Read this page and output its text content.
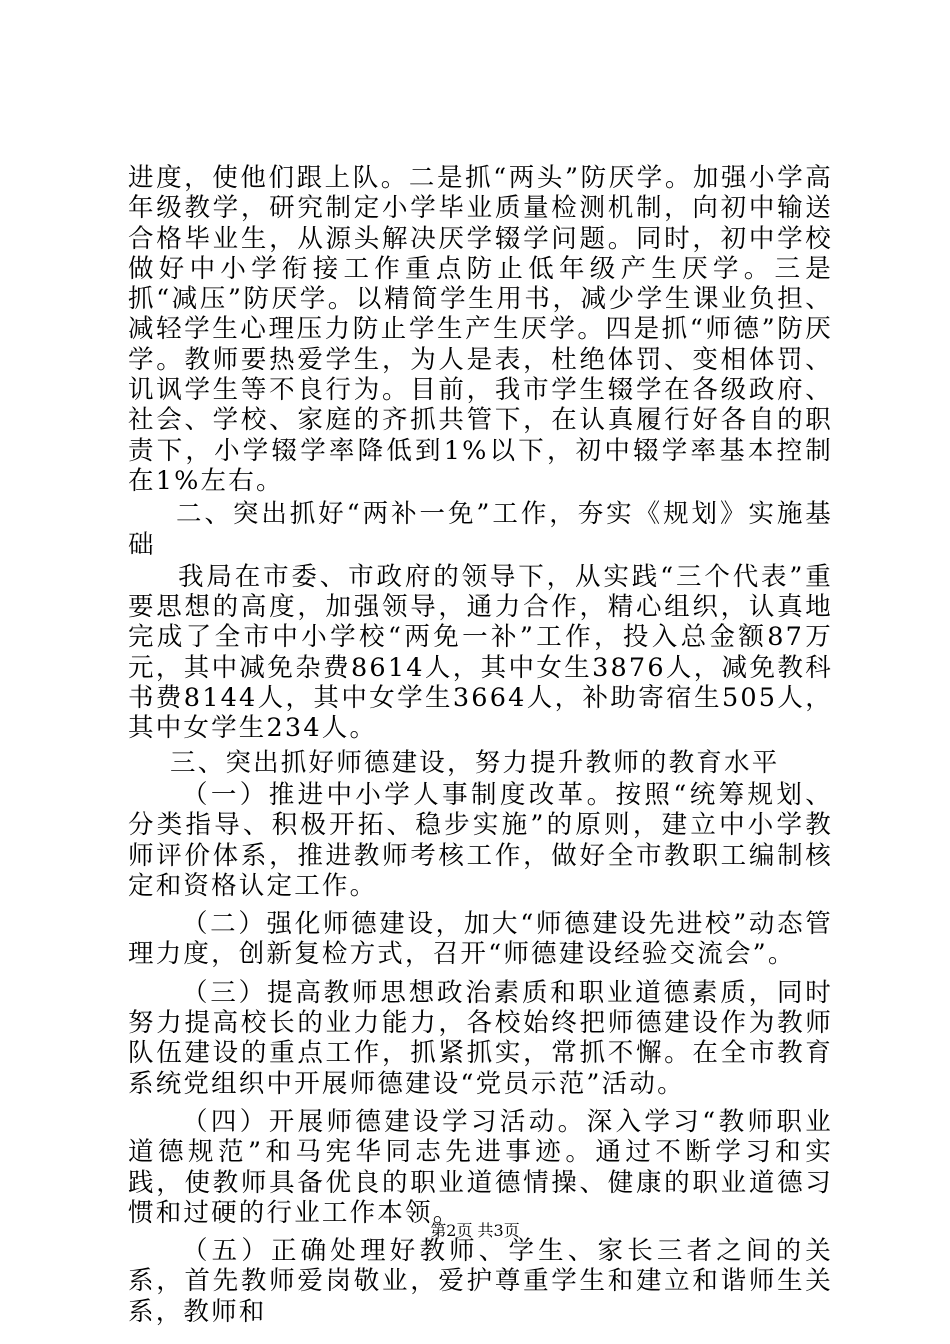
进度，使他们跟上队。二是抓“两头”防厌学。加强小学高年级教学，研究制定小学毕业质量检测机制，向初中输送合格毕业生，从源头解决厌学辍学问题。同时，初中学校做好中小学衔接工作重点防止低年级产生厌学。三是抓“减压”防厌学。以精简学生用书，减少学生课业负担、减轻学生心理压力防止学生产生厌学。四是抓“师德”防厌学。教师要热爱学生，为人是表，杜绝体罚、变相体罚、讥讽学生等不良行为。目前，我市学生辍学在各级政府、社会、学校、家庭的齐抓共管下，在认真履行好各自的职责下，小学辍学率降低到1%以下，初中辍学率基本控制在1%左右。

二、突出抓好“两补一免”工作，夯实《规划》实施基础

我局在市委、市政府的领导下，从实践“三个代表”重要思想的高度，加强领导，通力合作，精心组织，认真地完成了全市中小学校“两免一补”工作，投入总金额87万元，其中减免杂费8614人，其中女生3876人，减免教科书费8144人，其中女学生3664人，补助寄宿生505人，其中女学生234人。

三、突出抓好师德建设，努力提升教师的教育水平

（一）推进中小学人事制度改革。按照“统筹规划、分类指导、积极开拓、稳步实施”的原则，建立中小学教师评价体系，推进教师考核工作，做好全市教职工编制核定和资格认定工作。

（二）强化师德建设，加大“师德建设先进校”动态管理力度，创新复检方式，召开“师德建设经验交流会”。

（三）提高教师思想政治素质和职业道德素质，同时努力提高校长的业力能力，各校始终把师德建设作为教师队伍建设的重点工作，抓紧抓实，常抓不懈。在全市教育系统党组织中开展师德建设“党员示范”活动。

（四）开展师德建设学习活动。深入学习“教师职业道德规范”和马宪华同志先进事迹。通过不断学习和实践，使教师具备优良的职业道德情操、健康的职业道德习惯和过硬的行业工作本领。

（五）正确处理好教师、学生、家长三者之间的关系，首先教师爱岗敬业，爱护尊重学生和建立和谐师生关系，教师和

第2页 共3页
